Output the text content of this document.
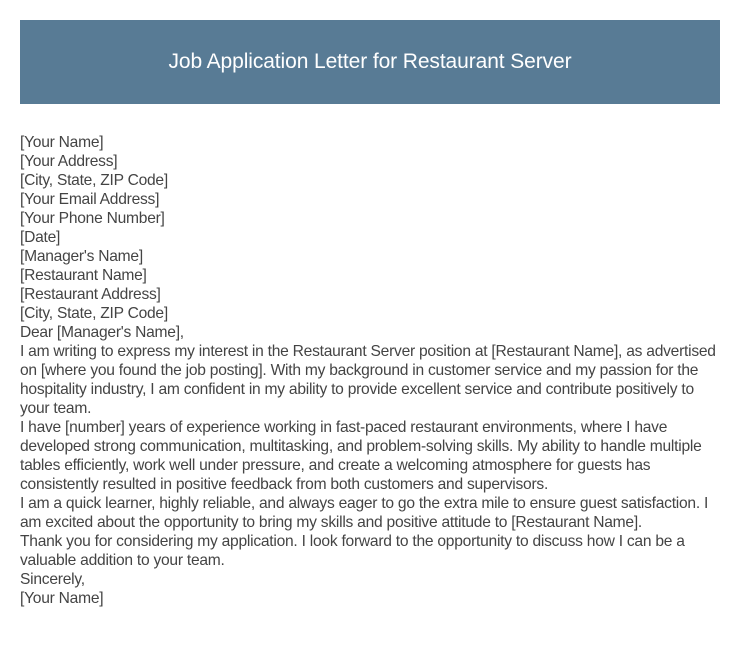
Job Application Letter for Restaurant Server
[Your Name]
[Your Address]
[City, State, ZIP Code]
[Your Email Address]
[Your Phone Number]
[Date]
[Manager's Name]
[Restaurant Name]
[Restaurant Address]
[City, State, ZIP Code]
Dear [Manager's Name],

I am writing to express my interest in the Restaurant Server position at [Restaurant Name], as advertised on [where you found the job posting]. With my background in customer service and my passion for the hospitality industry, I am confident in my ability to provide excellent service and contribute positively to your team.

I have [number] years of experience working in fast-paced restaurant environments, where I have developed strong communication, multitasking, and problem-solving skills. My ability to handle multiple tables efficiently, work well under pressure, and create a welcoming atmosphere for guests has consistently resulted in positive feedback from both customers and supervisors.

I am a quick learner, highly reliable, and always eager to go the extra mile to ensure guest satisfaction. I am excited about the opportunity to bring my skills and positive attitude to [Restaurant Name].

Thank you for considering my application. I look forward to the opportunity to discuss how I can be a valuable addition to your team.

Sincerely,
[Your Name]
